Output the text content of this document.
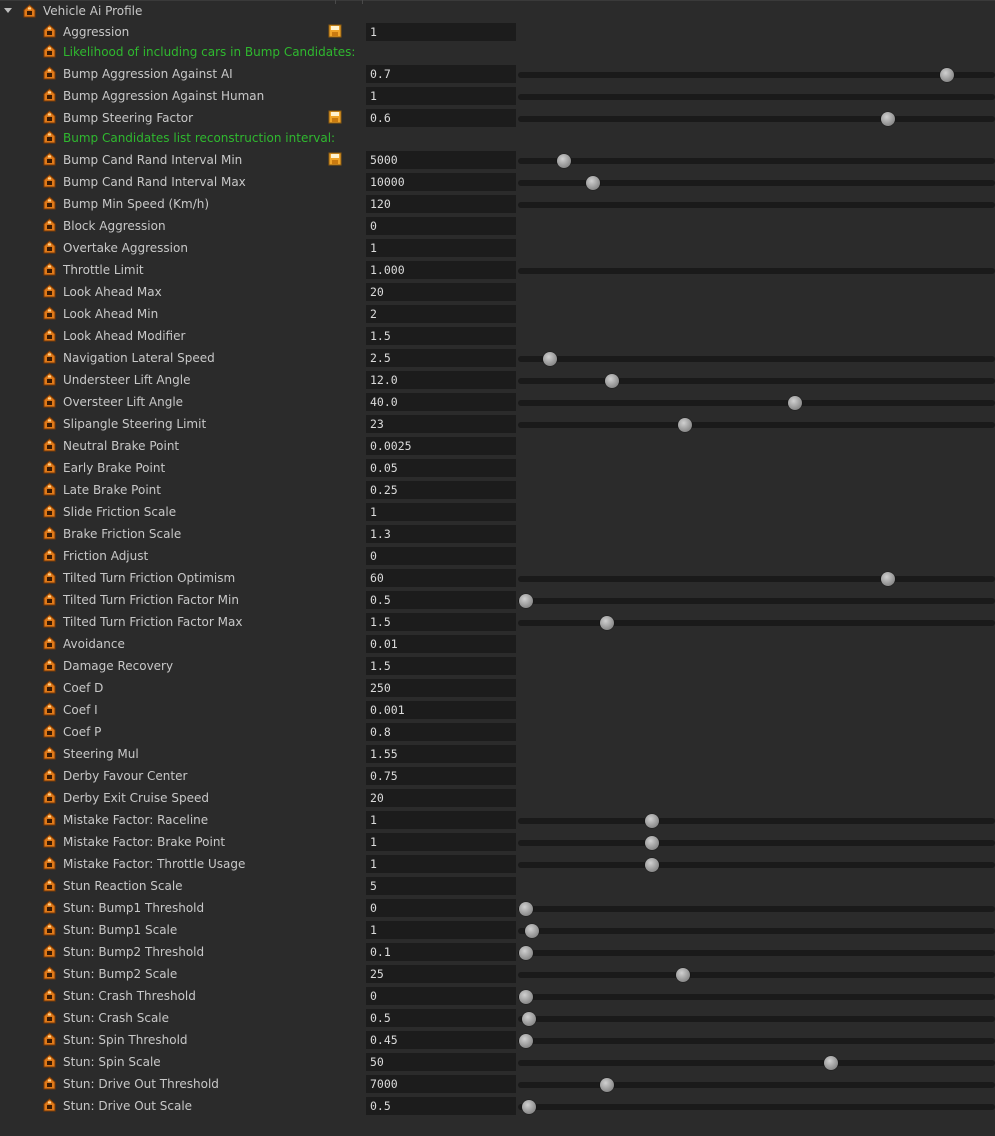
Vehicle Ai Profile
Aggression	1
Likelihood of including cars in Bump Candidates:
Bump Aggression Against AI	0.7
Bump Aggression Against Human	1
Bump Steering Factor	0.6
Bump Candidates list reconstruction interval:
Bump Cand Rand Interval Min	5000
Bump Cand Rand Interval Max	10000
Bump Min Speed (Km/h)	120
Block Aggression	0
Overtake Aggression	1
Throttle Limit	1.000
Look Ahead Max	20
Look Ahead Min	2
Look Ahead Modifier	1.5
Navigation Lateral Speed	2.5
Understeer Lift Angle	12.0
Oversteer Lift Angle	40.0
Slipangle Steering Limit	23
Neutral Brake Point	0.0025
Early Brake Point	0.05
Late Brake Point	0.25
Slide Friction Scale	1
Brake Friction Scale	1.3
Friction Adjust	0
Tilted Turn Friction Optimism	60
Tilted Turn Friction Factor Min	0.5
Tilted Turn Friction Factor Max	1.5
Avoidance	0.01
Damage Recovery	1.5
Coef D	250
Coef I	0.001
Coef P	0.8
Steering Mul	1.55
Derby Favour Center	0.75
Derby Exit Cruise Speed	20
Mistake Factor: Raceline	1
Mistake Factor: Brake Point	1
Mistake Factor: Throttle Usage	1
Stun Reaction Scale	5
Stun: Bump1 Threshold	0
Stun: Bump1 Scale	1
Stun: Bump2 Threshold	0.1
Stun: Bump2 Scale	25
Stun: Crash Threshold	0
Stun: Crash Scale	0.5
Stun: Spin Threshold	0.45
Stun: Spin Scale	50
Stun: Drive Out Threshold	7000
Stun: Drive Out Scale	0.5
